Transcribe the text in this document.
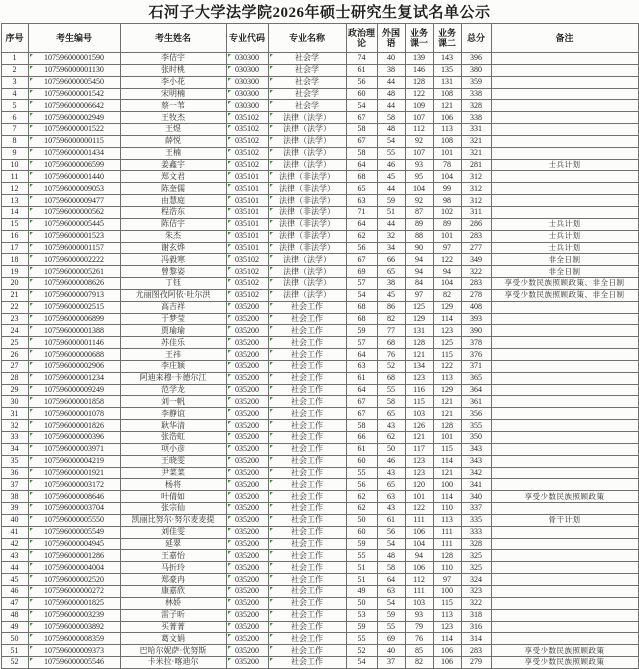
石河子大学法学院2026年硕士研究生复试名单公示
序号	考生编号	考生姓名	专业代码	专业名称	政治理论	外国语	业务课一	业务课二	总分	备注
1	107596000001590	李佶宇	030300	社会学	74	40	139	143	396	
2	107596000001130	张时桃	030300	社会学	61	38	146	135	380	
3	107596000005450	李小花	030300	社会学	56	44	128	131	359	
4	107596000001542	宋明楠	030300	社会学	60	48	122	108	338	
5	107596000006642	蔡一苇	030300	社会学	54	44	109	121	328	
6	107596000002949	王牧杰	035102	法律（法学）	67	58	107	106	338	
7	107596000001522	王煜	035102	法律（法学）	58	48	112	113	331	
8	107596000000115	薛悦	035102	法律（法学）	67	54	92	108	321	
9	107596000001434	王楠	035102	法律（法学）	58	55	107	101	321	
10	107596000006599	姜鑫宇	035102	法律（法学）	64	46	93	78	281	士兵计划
11	107596000001440	郑文君	035101	法律（非法学）	68	45	95	104	312	
12	107596000009053	陈奎儒	035101	法律（非法学）	65	44	104	99	312	
13	107596000009477	由慧庭	035101	法律（非法学）	63	59	92	98	312	
14	107596000000562	程浩东	035101	法律（非法学）	71	51	87	102	311	
15	107596000005445	陈佶宇	035101	法律（非法学）	64	44	89	89	286	士兵计划
16	107596000001523	朱杰	035101	法律（非法学）	62	32	88	101	283	士兵计划
17	107596000001157	谢玄烨	035101	法律（非法学）	56	34	90	97	277	士兵计划
18	107596000002222	冯毅寒	035102	法律（法学）	67	66	94	122	349	非全日制
19	107596000005261	曾黎姿	035102	法律（法学）	69	65	94	94	322	非全日制
20	107596000008626	丁钰	035102	法律（法学）	57	38	84	104	283	享受少数民族照顾政策、非全日制
21	107596000007913	尤丽图孜阿依·吐尔洪	035102	法律（法学）	54	45	97	82	278	享受少数民族照顾政策、非全日制
22	107596000002515	高吉祥	035200	社会工作	68	86	125	129	408	
23	107596000006899	于梦莹	035200	社会工作	68	82	129	114	393	
24	107596000001388	贾瑜瑜	035200	社会工作	59	77	131	123	390	
25	107596000001146	苏佳乐	035200	社会工作	57	68	128	125	378	
26	107596000000688	王祎	035200	社会工作	64	76	121	115	376	
27	107596000002906	李庄颖	035200	社会工作	63	52	134	122	371	
28	107596000001234	阿迪来穆·卡德尔江	035200	社会工作	61	68	123	113	365	
29	107596000009249	范学龙	035200	社会工作	64	55	116	129	364	
30	107596000001858	刘一帆	035200	社会工作	67	58	115	121	361	
31	107596000001078	李静谊	035200	社会工作	67	65	103	121	356	
32	107596000001826	耿华清	035200	社会工作	58	43	126	128	355	
33	107596000000396	张浩虹	035200	社会工作	66	62	121	101	350	
34	107596000003971	项小彦	035200	社会工作	61	50	117	115	343	
35	107596000004219	王晓雯	035200	社会工作	60	46	123	114	343	
36	107596000001921	尹菜菜	035200	社会工作	55	43	123	121	342	
37	107596000003172	杨将	035200	社会工作	56	65	120	100	341	
38	107596000008646	叶倩如	035200	社会工作	62	63	101	114	340	享受少数民族照顾政策
39	107596000003704	张宗仙	035200	社会工作	62	43	122	110	337	
40	107596000005550	凯丽比努尔·努尔麦麦提	035200	社会工作	50	61	111	113	335	骨干计划
41	107596000005549	刘佳雯	035200	社会工作	60	56	106	111	333	
42	107596000004945	延翠	035200	社会工作	59	54	104	111	328	
43	107596000001286	王嘉怡	035200	社会工作	55	48	94	128	325	
44	107596000004004	马折玲	035200	社会工作	51	58	106	110	325	
45	107596000002520	郑豪冉	035200	社会工作	51	64	112	97	324	
46	107596000000272	康嘉欣	035200	社会工作	49	63	111	100	323	
47	107596000001825	林娇	035200	社会工作	50	54	103	115	322	
48	107596000003239	雷子昕	035200	社会工作	53	59	93	113	318	
49	107596000003892	买菁菁	035200	社会工作	59	55	79	123	316	
50	107596000008359	葛文娟	035200	社会工作	55	69	76	114	314	
51	107596000009373	巴哈尔妮萨·优努斯	035200	社会工作	52	40	85	106	283	享受少数民族照顾政策
52	107596000005546	卡米拉·喀迪尔	035200	社会工作	54	37	82	106	279	享受少数民族照顾政策
